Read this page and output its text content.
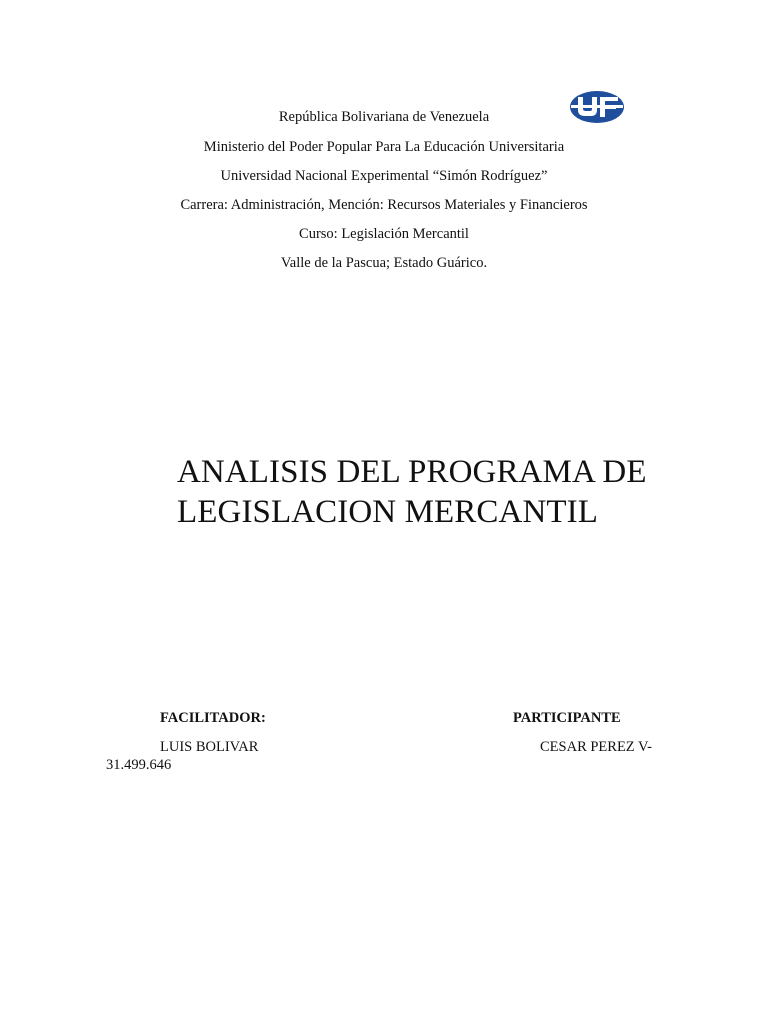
República Bolivariana de Venezuela
Ministerio del Poder Popular Para La Educación Universitaria
Universidad Nacional Experimental “Simón Rodríguez”
Carrera: Administración, Mención: Recursos Materiales y Financieros
Curso: Legislación Mercantil
Valle de la Pascua; Estado Guárico.
ANALISIS DEL PROGRAMA DE
LEGISLACION MERCANTIL
FACILITADOR:	PARTICIPANTE
LUIS BOLIVAR	CESAR PEREZ V-
31.499.646
